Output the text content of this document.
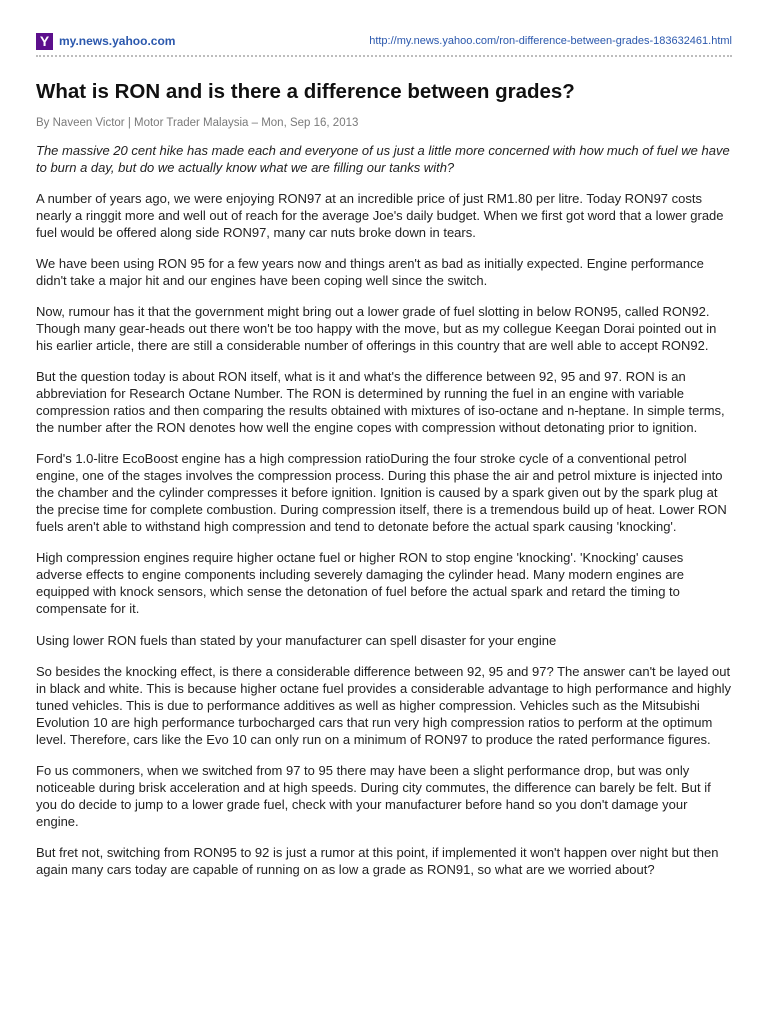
Y my.news.yahoo.com	http://my.news.yahoo.com/ron-difference-between-grades-183632461.html
What is RON and is there a difference between grades?
By Naveen Victor | Motor Trader Malaysia – Mon, Sep 16, 2013

The massive 20 cent hike has made each and everyone of us just a little more concerned with how much of fuel we have to burn a day, but do we actually know what we are filling our tanks with?

A number of years ago, we were enjoying RON97 at an incredible price of just RM1.80 per litre. Today RON97 costs nearly a ringgit more and well out of reach for the average Joe's daily budget. When we first got word that a lower grade fuel would be offered along side RON97, many car nuts broke down in tears.

We have been using RON 95 for a few years now and things aren't as bad as initially expected. Engine performance didn't take a major hit and our engines have been coping well since the switch.

Now, rumour has it that the government might bring out a lower grade of fuel slotting in below RON95, called RON92. Though many gear-heads out there won't be too happy with the move, but as my collegue Keegan Dorai pointed out in his earlier article, there are still a considerable number of offerings in this country that are well able to accept RON92.

But the question today is about RON itself, what is it and what's the difference between 92, 95 and 97. RON is an abbreviation for Research Octane Number. The RON is determined by running the fuel in an engine with variable compression ratios and then comparing the results obtained with mixtures of iso-octane and n-heptane. In simple terms, the number after the RON denotes how well the engine copes with compression without detonating prior to ignition.

Ford's 1.0-litre EcoBoost engine has a high compression ratioDuring the four stroke cycle of a conventional petrol engine, one of the stages involves the compression process. During this phase the air and petrol mixture is injected into the chamber and the cylinder compresses it before ignition. Ignition is caused by a spark given out by the spark plug at the precise time for complete combustion. During compression itself, there is a tremendous build up of heat. Lower RON fuels aren't able to withstand high compression and tend to detonate before the actual spark causing 'knocking'.

High compression engines require higher octane fuel or higher RON to stop engine 'knocking'. 'Knocking' causes adverse effects to engine components including severely damaging the cylinder head. Many modern engines are equipped with knock sensors, which sense the detonation of fuel before the actual spark and retard the timing to compensate for it.

Using lower RON fuels than stated by your manufacturer can spell disaster for your engine

So besides the knocking effect, is there a considerable difference between 92, 95 and 97? The answer can't be layed out in black and white. This is because higher octane fuel provides a considerable advantage to high performance and highly tuned vehicles. This is due to performance additives as well as higher compression. Vehicles such as the Mitsubishi Evolution 10 are high performance turbocharged cars that run very high compression ratios to perform at the optimum level. Therefore, cars like the Evo 10 can only run on a minimum of RON97 to produce the rated performance figures.

Fo us commoners, when we switched from 97 to 95 there may have been a slight performance drop, but was only noticeable during brisk acceleration and at high speeds. During city commutes, the difference can barely be felt. But if you do decide to jump to a lower grade fuel, check with your manufacturer before hand so you don't damage your engine.

But fret not, switching from RON95 to 92 is just a rumor at this point, if implemented it won't happen over night but then again many cars today are capable of running on as low a grade as RON91, so what are we worried about?
